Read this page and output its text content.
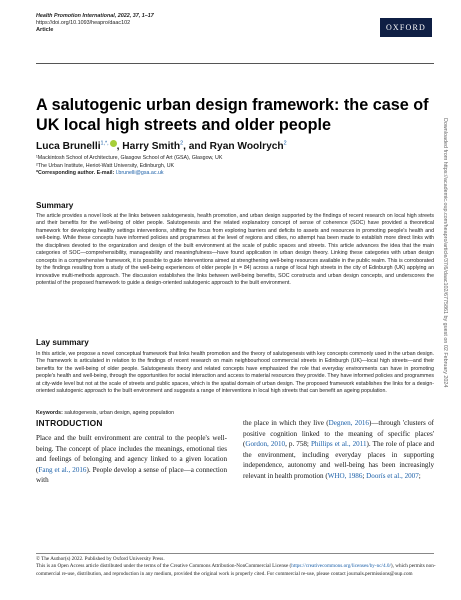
Health Promotion International, 2022, 37, 1–17
https://doi.org/10.1093/heapro/daac102
Article	OXFORD
A salutogenic urban design framework: the case of UK local high streets and older people
Luca Brunelli$^{1,*,}$ , Harry Smith$^2$, and Ryan Woolrych$^2$
¹Mackintosh School of Architecture, Glasgow School of Art (GSA), Glasgow, UK
²The Urban Institute, Heriot-Watt University, Edinburgh, UK
*Corresponding author. E-mail: l.brunelli@gsa.ac.uk
Summary
The article provides a novel look at the links between salutogenesis, health promotion, and urban design supported by the findings of recent research on local high streets and their benefits for the well-being of older people. Salutogenesis and the related explanatory concept of sense of coherence (SOC) have provided a theoretical framework for developing healthy settings interventions, shifting the focus from exploring barriers and deficits to assets and resources in promoting people's health and well-being. While these concepts have informed policies and programmes at the level of regions and cities, no attempt has been made to establish more direct links with the disciplines devoted to the organization and design of the built environment at the scale of public spaces and streets. This article advances the idea that the main categories of SOC—comprehensibility, manageability and meaningfulness—have found application in urban design theory. Linking these categories with urban design concepts in a comprehensive framework, it is possible to guide interventions aimed at strengthening well-being resources available in the public realm. This is corroborated by the findings resulting from a study of the well-being experiences of older people (n = 84) across a range of local high streets in the city of Edinburgh (UK) applying an innovative multi-methods approach. The discussion establishes the links between well-being benefits, SOC constructs and urban design concepts, and underscores the potential of the proposed framework to guide a design-oriented salutogenic approach to the built environment.
Lay summary
In this article, we propose a novel conceptual framework that links health promotion and the theory of salutogenesis with key concepts commonly used in the urban design. The framework is articulated in relation to the findings of recent research on main neighbourhood commercial streets in Edinburgh (UK)—local high streets—and their benefits for the well-being of older people. Salutogenesis theory and related concepts have emphasized the role that everyday environments can have in promoting people's health and well-being, through the opportunities for social interaction and access to material resources they provide. They have informed policies and programmes at city-wide level but not at the scale of streets and public spaces, which is the spatial domain of urban design. The proposed framework establishes the links for a design-oriented salutogenic approach to the built environment and suggests a range of interventions in local high streets that can benefit an ageing population.
Keywords: salutogenesis, urban design, ageing population
INTRODUCTION
Place and the built environment are central to the people's well-being. The concept of place includes the meanings, emotional ties and feelings of belonging and agency linked to a given location (Fang et al., 2016). People develop a sense of place—a connection with
the place in which they live (Degnen, 2016)—through 'clusters of positive cognition linked to the meaning of specific places' (Gordon, 2010, p. 758; Phillips et al., 2011). The role of place and the environment, including everyday places in supporting independence, autonomy and well-being has been increasingly relevant in health promotion (WHO, 1986; Doorís et al., 2007;
© The Author(s) 2022. Published by Oxford University Press.
This is an Open Access article distributed under the terms of the Creative Commons Attribution-NonCommercial License (https://creativecommons.org/licenses/by-nc/4.0/), which permits non-commercial re-use, distribution, and reproduction in any medium, provided the original work is properly cited. For commercial re-use, please contact journals.permissions@oup.com
Downloaded from https://academic.oup.com/heapro/article/37/6/daac102/6775861 by guest on 02 February 2024
